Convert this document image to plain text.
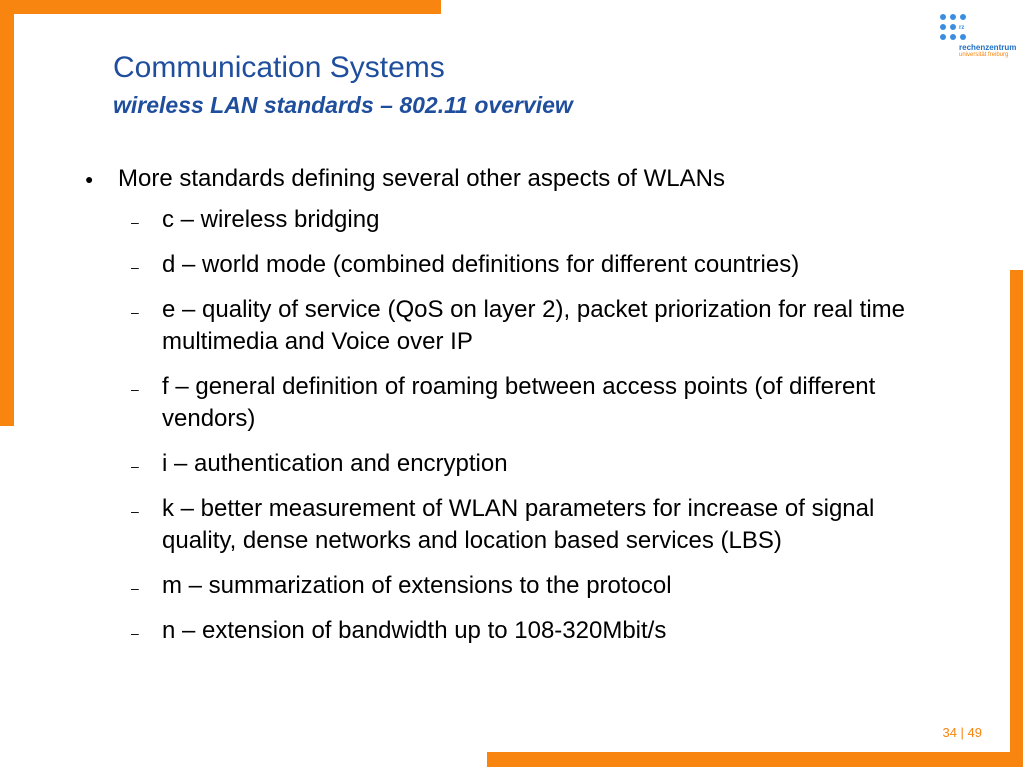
rz
rechenzentrum
universität freiburg
Communication Systems
wireless LAN standards – 802.11 overview
● More standards defining several other aspects of WLANs
– c – wireless bridging
– d – world mode (combined definitions for different countries)
– e – quality of service (QoS on layer 2), packet priorization for real time multimedia and Voice over IP
– f – general definition of roaming between access points (of different vendors)
– i – authentication and encryption
– k – better measurement of WLAN parameters for increase of signal quality, dense networks and location based services (LBS)
– m – summarization of extensions to the protocol
– n – extension of bandwidth up to 108-320Mbit/s
34 | 49
